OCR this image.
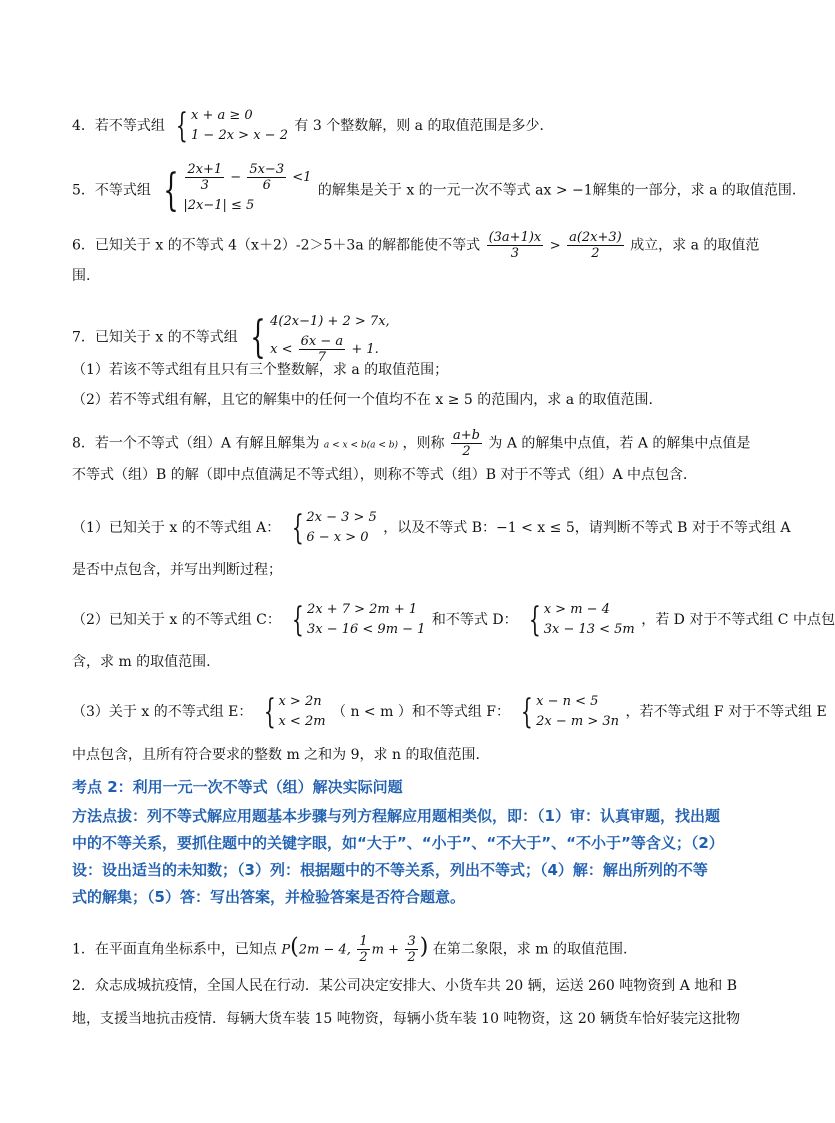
4．若不等式组 { x + a ≥ 0
1 − 2x > x − 2
有 3 个整数解，则 a 的取值范围是多少．
5．不等式组 { $\frac{2x+1}{3} - \frac{5x-3}{6} <1$
|2x−1| ≤ 5
的解集是关于 x 的一元一次不等式 ax > −1解集的一部分，求 a 的取值范围.
6．已知关于 x 的不等式 4（x＋2）-2＞5＋3a 的解都能使不等式 $\frac{(3a+1)x}{3} > \frac{a(2x+3)}{2}$ 成立，求 a 的取值范
围.
7．已知关于 x 的不等式组 { 4(2x−1) + 2 > 7x,
$x < \frac{6x - a}{7} + 1$.
（1）若该不等式组有且只有三个整数解，求 a 的取值范围；
（2）若不等式组有解，且它的解集中的任何一个值均不在 x ≥ 5 的范围内，求 a 的取值范围.
8．若一个不等式（组）A 有解且解集为 a < x < b(a < b) ，则称 $\frac{a+b}{2}$ 为 A 的解集中点值，若 A 的解集中点值是
不等式（组）B 的解（即中点值满足不等式组），则称不等式（组）B 对于不等式（组）A 中点包含．
（1）已知关于 x 的不等式组 A： { 2x − 3 > 5
6 − x > 0
，以及不等式 B：−1 < x ≤ 5，请判断不等式 B 对于不等式组 A
是否中点包含，并写出判断过程；
（2）已知关于 x 的不等式组 C： { 2x + 7 > 2m + 1
3x − 16 < 9m − 1
和不等式 D： { x > m − 4
3x − 13 < 5m
，若 D 对于不等式组 C 中点包
含，求 m 的取值范围.
（3）关于 x 的不等式组 E： { x > 2n
x < 2m
（ n < m ）和不等式组 F： { x − n < 5
2x − m > 3n
，若不等式组 F 对于不等式组 E
中点包含，且所有符合要求的整数 m 之和为 9，求 n 的取值范围.
考点 2：利用一元一次不等式（组）解决实际问题
方法点拔：列不等式解应用题基本步骤与列方程解应用题相类似，即：（1）审：认真审题，找出题中的不等关系，要抓住题中的关键字眼，如“大于”、“小于”、“不大于”、“不小于”等含义；（2）设：设出适当的未知数；（3）列：根据题中的不等关系，列出不等式；（4）解：解出所列的不等式的解集；（5）答：写出答案，并检验答案是否符合题意。
1．在平面直角坐标系中，已知点 P(2m − 4, $\frac{1}{2}$ $m + \frac{3}{2}$ ) 在第二象限，求 m 的取值范围.
2．众志成城抗疫情，全国人民在行动．某公司决定安排大、小货车共 20 辆，运送 260 吨物资到 A 地和 B
地，支援当地抗击疫情．每辆大货车装 15 吨物资，每辆小货车装 10 吨物资，这 20 辆货车恰好装完这批物
